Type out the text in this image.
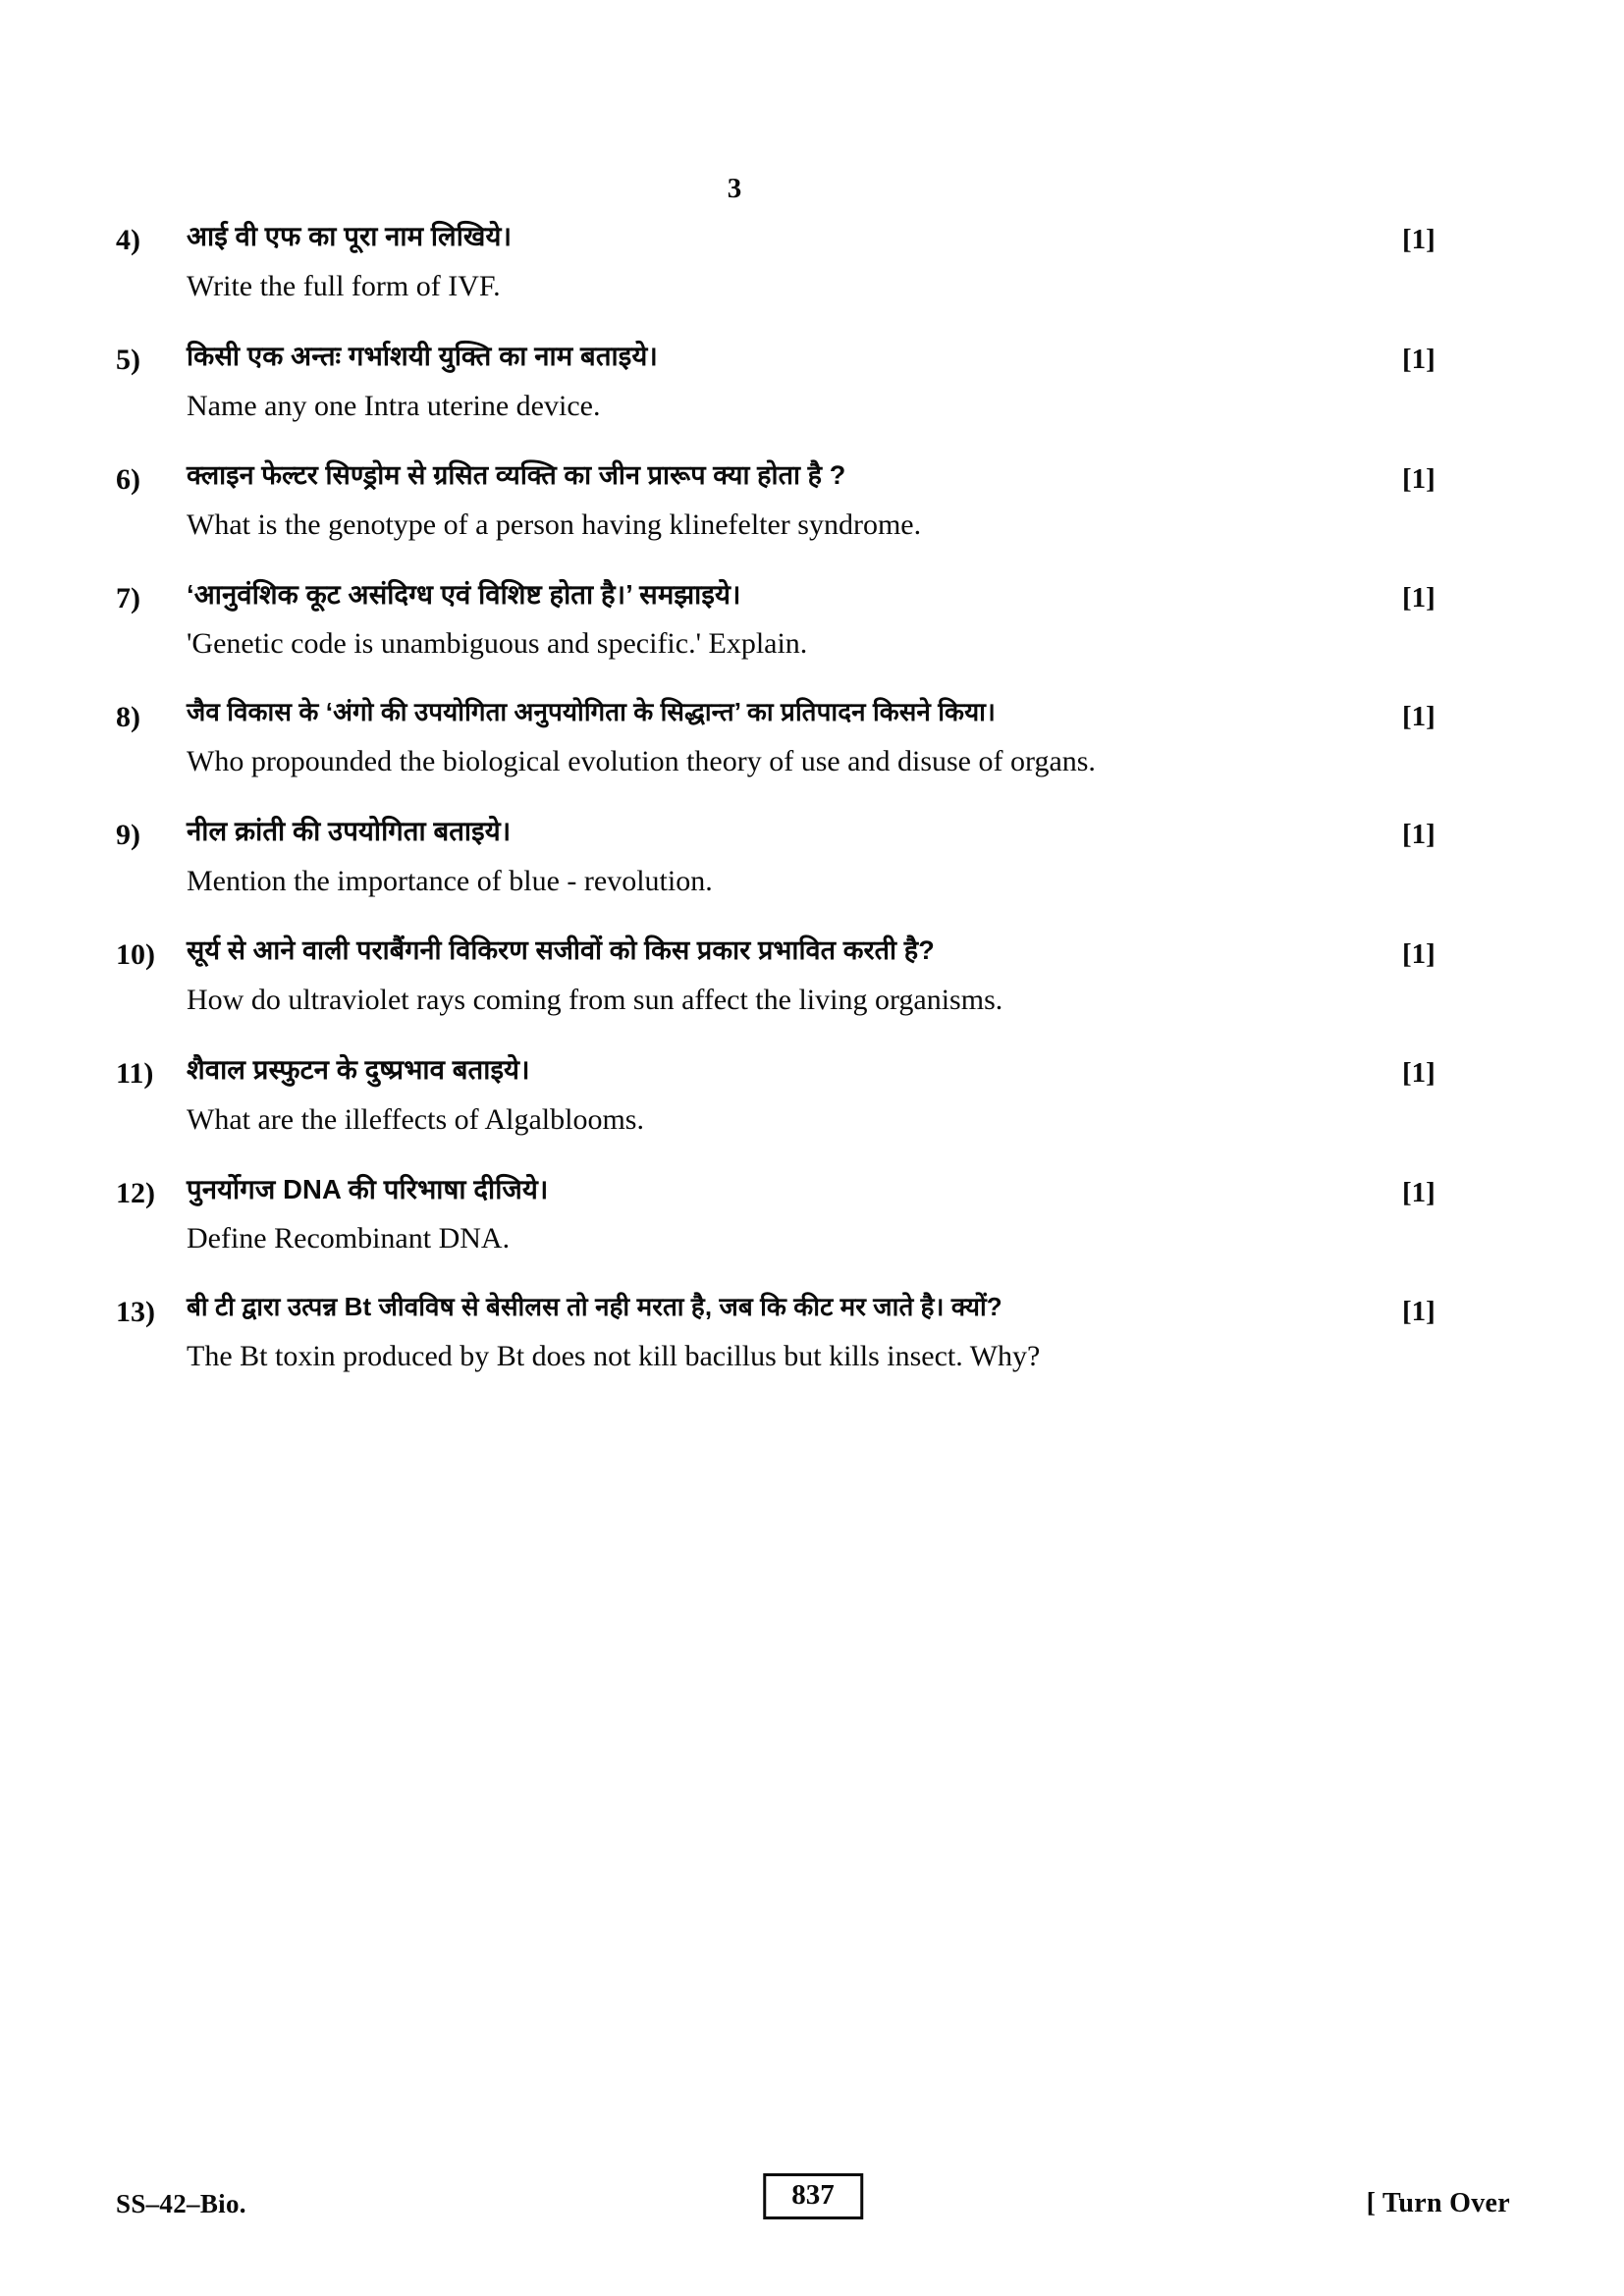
3
4)	आई वी एफ का पूरा नाम लिखिये।
Write the full form of IVF.
[1]
5)	किसी एक अन्तः गर्भाशयी युक्ति का नाम बताइये।
Name any one Intra uterine device.
[1]
6)	क्लाइन फेल्टर सिण्ड्रोम से ग्रसित व्यक्ति का जीन प्रारूप क्या होता है ?
What is the genotype of a person having klinefelter syndrome.
[1]
7)	‘आनुवंशिक कूट असंदिग्ध एवं विशिष्ट होता है।’ समझाइये।
'Genetic code is unambiguous and specific.' Explain.
[1]
8)	जैव विकास के ‘अंगो की उपयोगिता अनुपयोगिता के सिद्धान्त’ का प्रतिपादन किसने किया।
Who propounded the biological evolution theory of use and disuse of organs.
[1]
9)	नील क्रांती की उपयोगिता बताइये।
Mention the importance of blue - revolution.
[1]
10)	सूर्य से आने वाली पराबैंगनी विकिरण सजीवों को किस प्रकार प्रभावित करती है?
How do ultraviolet rays coming from sun affect the living organisms.
[1]
11)	शैवाल प्रस्फुटन के दुष्प्रभाव बताइये।
What are the illeffects of Algalblooms.
[1]
12)	पुनर्योगज DNA की परिभाषा दीजिये।
Define Recombinant DNA.
[1]
13)	बी टी द्वारा उत्पन्न Bt जीवविष से बेसीलस तो नही मरता है, जब कि कीट मर जाते है। क्यों?
The Bt toxin produced by Bt does not kill bacillus but kills insect. Why?
[1]
SS–42–Bio.	837	[ Turn Over
